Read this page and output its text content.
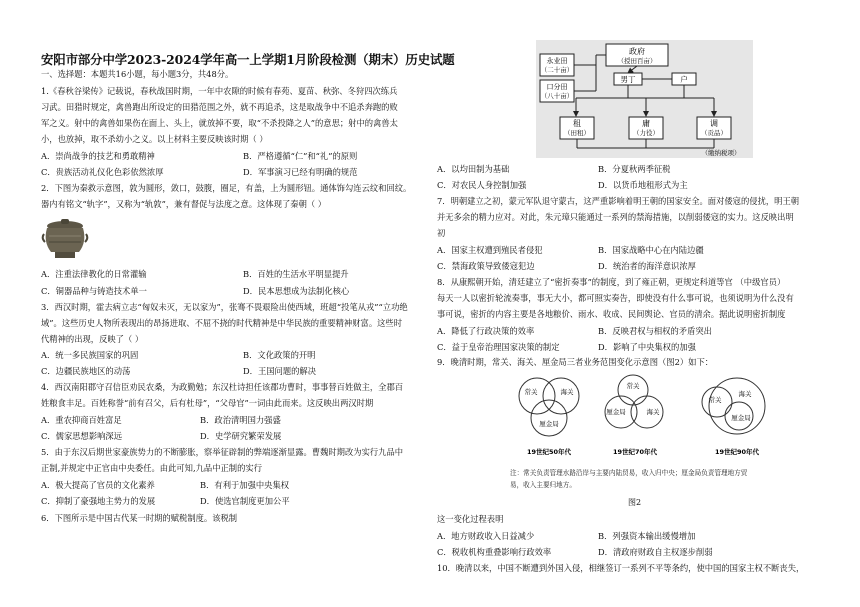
安阳市部分中学2023-2024学年高一上学期1月阶段检测（期末）历史试题
一、选择题：本题共16小题，每小题3分，共48分。
1.《春秋谷梁传》记载说，春秋战国时期，一年中农隙的时候有春苑、夏苗、秋弥、冬狩四次练兵
习武。田猎时规定，禽兽跑出所设定的田猎范围之外，就不再追杀，这是取战争中不追杀奔跑的败
军之义。射中的禽兽如果伤在面上、头上，就放掉不要，取“不杀投降之人”的意思；射中的禽兽太
小，也放掉，取不杀幼小之义。以上材料主要反映该时期（ ）
A．崇尚战争的技艺和勇敢精神	B．严格遵循“仁”和“礼”的原则
C．贵族活动礼仪化色彩依然浓厚	D．军事演习已经有明确的规范
2．下图为秦救示意图，敦为圆形，敛口，鼓腹，圈足，有盖，上为圆形钮。通体饰勾连云纹和回纹。
器内有铭文“轨字”，又称为“轨敦”，兼有督促与法度之意。这体现了秦朝（ ）
A．注重法律教化的日常灌输	B．百姓的生活水平明显提升
C．铜器品种与铸造技术单一	D．民本思想成为法制化核心
3．西汉时期，霍去病立志“匈奴未灭，无以家为”，张骞不畏艰险出使西域，班超“投笔从戎”“立功绝
域”。这些历史人物所表现出的昂扬进取、不屈不挠的时代精神是中华民族的重要精神财富。这些时
代精神的出现，反映了（ ）
A．统一多民族国家的巩固	B．文化政策的开明
C．边疆民族地区的动荡	D．王国问题的解决
4．西汉南阳郡守召信臣劝民农桑，为政勤勉；东汉杜诗担任该郡功曹时，事事替百姓做主，全郡百
姓粮食丰足。百姓称誉“前有召父，后有杜母”，“父母官”一词由此而来。这反映出两汉时期
A．重农抑商百姓富足	B．政治清明国力强盛
C．儒家思想影响深远	D．史学研究繁荣发展
5．由于东汉后期世家豪族势力的不断膨胀，察举征辟制的弊端逐渐显露。曹魏时期改为实行九品中
正制,并规定中正官由中央委任。由此可知,九品中正制的实行
A．极大提高了官员的文化素养	B．有利于加强中央集权
C．抑制了豪强地主势力的发展	D．使选官制度更加公平
6．下图所示是中国古代某一时期的赋税制度。该税制
政府
（授田百亩）
永业田
（二十亩）
口分田
（八十亩）
男丁	户
租
（田租）
庸
（力役）
调
（贡品）
（缴纳税项）
A．以均田制为基础	B．分夏秋两季征税
C．对农民人身控制加强	D．以货币地租形式为主
7．明朝建立之初，蒙元军队退守蒙古，这严重影响着明王朝的国家安全。面对倭寇的侵扰，明王朝
并无多余的精力应对。对此，朱元璋只能通过一系列的禁海措施，以削弱倭寇的实力。这反映出明
初
A．国家主权遭到殖民者侵犯	B．国家战略中心在内陆边疆
C．禁海政策导致倭寇犯边	D．统治者的海洋意识浓厚
8．从康熙朝开始，清廷建立了“密折奏事”的制度，到了雍正朝，更规定科道等官 （中级官员）
每天一人以密折轮流奏事，事无大小，都可照实奏告，即使没有什么事可说，也须说明为什么没有
事可说，密折的内容主要是各地粮价、雨水、收成、民间舆论、官员的清余。据此说明密折制度
A．降低了行政决策的效率	B．反映君权与相权的矛盾突出
C．益于皇帝治理国家决策的制定	D．影响了中央集权的加强
9．晚清时期，常关、海关、厘金局三者业务范围变化示意图（图2）如下：
常关	海关
厘金局
19世纪50年代
常关
厘金局	海关
19世纪70年代
海关
常关
厘金局
19世纪90年代
注：常关负责管理水路沿岸与主要内陆贸易，收入归中央；厘金局负责管理地方贸
易，收入主要归地方。
图2
这一变化过程表明
A．地方财政收入日益减少	B．列强资本输出缓慢增加
C．税收机构重叠影响行政效率	D．清政府财政自主权逐步削弱
10．晚清以来，中国不断遭到外国入侵，相继签订一系列不平等条约，使中国的国家主权不断丧失，
